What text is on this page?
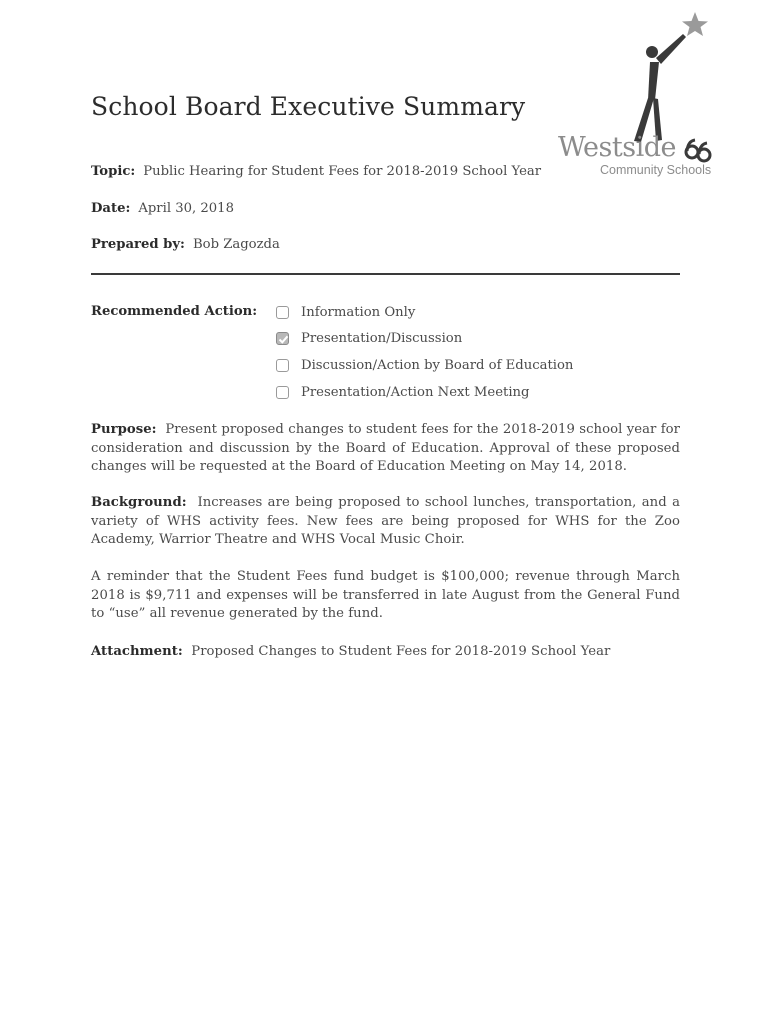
Westside
Community Schools
School Board Executive Summary
Topic: Public Hearing for Student Fees for 2018-2019 School Year
Date: April 30, 2018
Prepared by: Bob Zagozda
Recommended Action:	Information Only
Presentation/Discussion
Discussion/Action by Board of Education
Presentation/Action Next Meeting
Purpose: Present proposed changes to student fees for the 2018-2019 school year for consideration and discussion by the Board of Education. Approval of these proposed changes will be requested at the Board of Education Meeting on May 14, 2018.
Background: Increases are being proposed to school lunches, transportation, and a variety of WHS activity fees. New fees are being proposed for WHS for the Zoo Academy, Warrior Theatre and WHS Vocal Music Choir.
A reminder that the Student Fees fund budget is $100,000; revenue through March 2018 is $9,711 and expenses will be transferred in late August from the General Fund to “use” all revenue generated by the fund.
Attachment: Proposed Changes to Student Fees for 2018-2019 School Year
